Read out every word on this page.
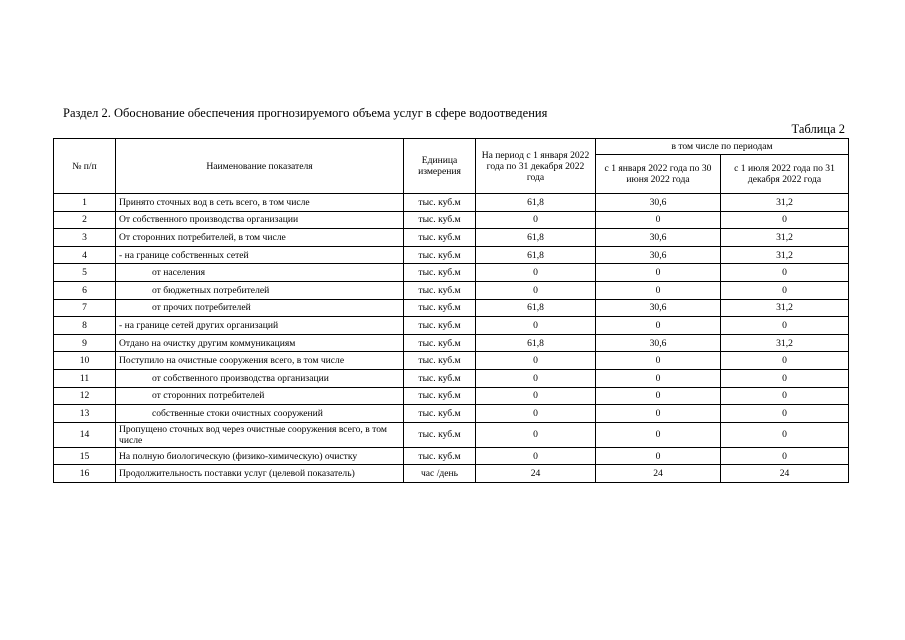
Раздел 2. Обоснование обеспечения прогнозируемого объема услуг в сфере водоотведения
Таблица 2
№ п/п	Наименование показателя	Единица измерения	На период с 1 января 2022 года по 31 декабря 2022 года	в том числе по периодам	
				с 1 января 2022 года по 30 июня 2022 года	с 1 июля 2022 года по 31 декабря 2022 года
1	Принято сточных вод в сеть всего, в том числе	тыс. куб.м	61,8	30,6	31,2
2	От собственного производства организации	тыс. куб.м	0	0	0
3	От сторонних потребителей, в том числе	тыс. куб.м	61,8	30,6	31,2
4	- на границе собственных сетей	тыс. куб.м	61,8	30,6	31,2
5	от населения	тыс. куб.м	0	0	0
6	от бюджетных потребителей	тыс. куб.м	0	0	0
7	от прочих потребителей	тыс. куб.м	61,8	30,6	31,2
8	- на границе сетей других организаций	тыс. куб.м	0	0	0
9	Отдано на очистку другим коммуникациям	тыс. куб.м	61,8	30,6	31,2
10	Поступило на очистные сооружения всего, в том числе	тыс. куб.м	0	0	0
11	от собственного производства организации	тыс. куб.м	0	0	0
12	от сторонних потребителей	тыс. куб.м	0	0	0
13	собственные стоки очистных сооружений	тыс. куб.м	0	0	0
14	Пропущено сточных вод через очистные сооружения всего, в том числе	тыс. куб.м	0	0	0
15	На полную биологическую (физико-химическую) очистку	тыс. куб.м	0	0	0
16	Продолжительность поставки услуг (целевой показатель)	час /день	24	24	24
